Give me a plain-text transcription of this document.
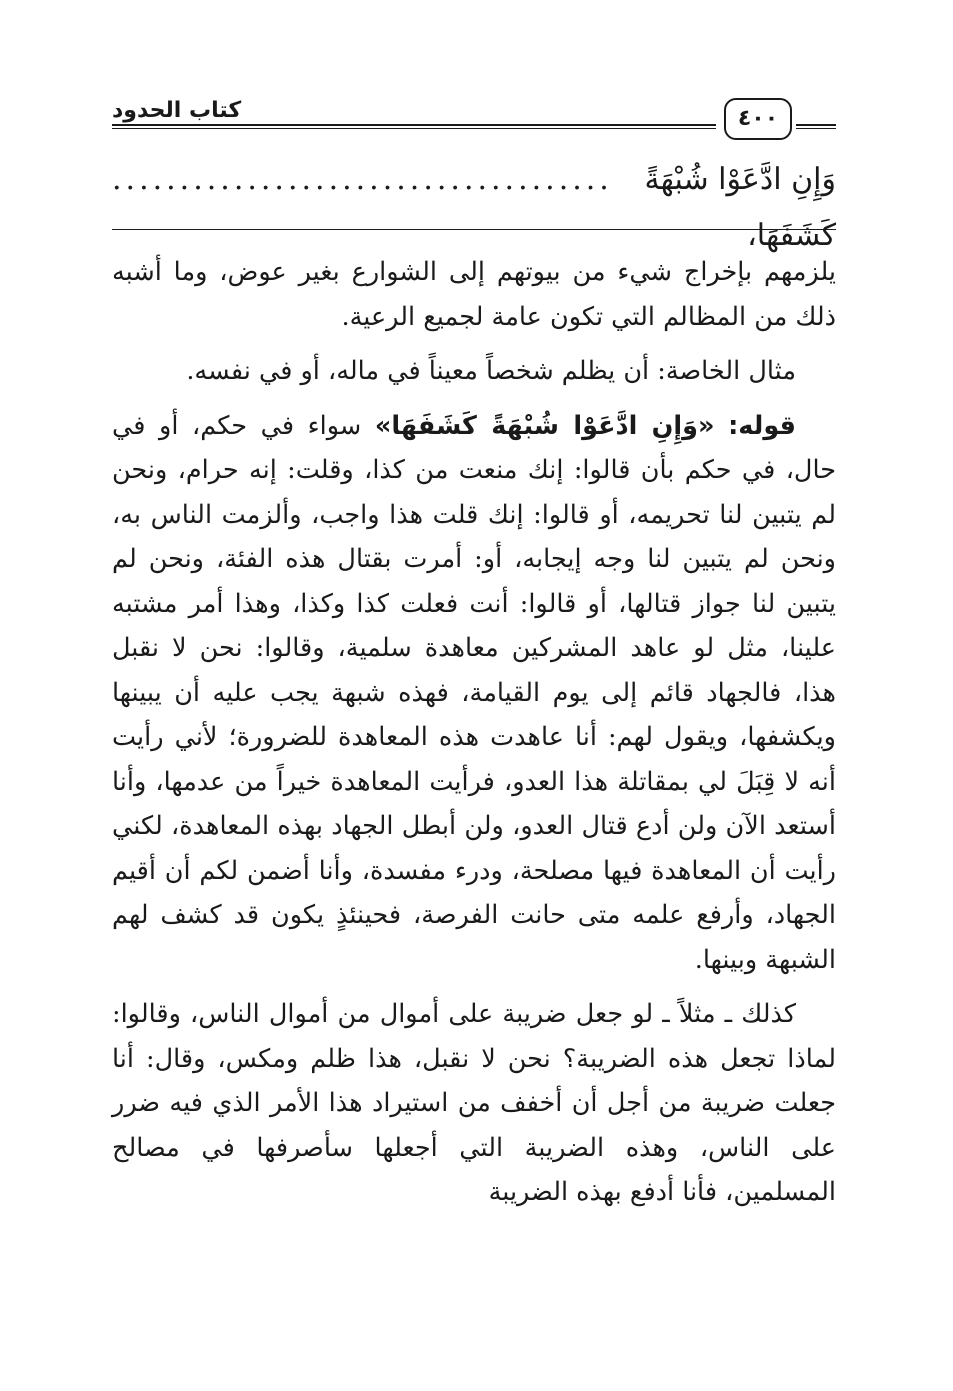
كتاب الحدود	٤٠٠
وَإِنِ ادَّعَوْا شُبْهَةً كَشَفَهَا،
.....................................

يلزمهم بإخراج شيء من بيوتهم إلى الشوارع بغير عوض، وما أشبه ذلك من المظالم التي تكون عامة لجميع الرعية.

مثال الخاصة: أن يظلم شخصاً معيناً في ماله، أو في نفسه.

قوله: «وَإِنِ ادَّعَوْا شُبْهَةً كَشَفَهَا» سواء في حكم، أو في حال، في حكم بأن قالوا: إنك منعت من كذا، وقلت: إنه حرام، ونحن لم يتبين لنا تحريمه، أو قالوا: إنك قلت هذا واجب، وألزمت الناس به، ونحن لم يتبين لنا وجه إيجابه، أو: أمرت بقتال هذه الفئة، ونحن لم يتبين لنا جواز قتالها، أو قالوا: أنت فعلت كذا وكذا، وهذا أمر مشتبه علينا، مثل لو عاهد المشركين معاهدة سلمية، وقالوا: نحن لا نقبل هذا، فالجهاد قائم إلى يوم القيامة، فهذه شبهة يجب عليه أن يبينها ويكشفها، ويقول لهم: أنا عاهدت هذه المعاهدة للضرورة؛ لأني رأيت أنه لا قِبَلَ لي بمقاتلة هذا العدو، فرأيت المعاهدة خيراً من عدمها، وأنا أستعد الآن ولن أدع قتال العدو، ولن أبطل الجهاد بهذه المعاهدة، لكني رأيت أن المعاهدة فيها مصلحة، ودرء مفسدة، وأنا أضمن لكم أن أقيم الجهاد، وأرفع علمه متى حانت الفرصة، فحينئذٍ يكون قد كشف لهم الشبهة وبينها.

كذلك ـ مثلاً ـ لو جعل ضريبة على أموال من أموال الناس، وقالوا: لماذا تجعل هذه الضريبة؟ نحن لا نقبل، هذا ظلم ومكس، وقال: أنا جعلت ضريبة من أجل أن أخفف من استيراد هذا الأمر الذي فيه ضرر على الناس، وهذه الضريبة التي أجعلها سأصرفها في مصالح المسلمين، فأنا أدفع بهذه الضريبة
